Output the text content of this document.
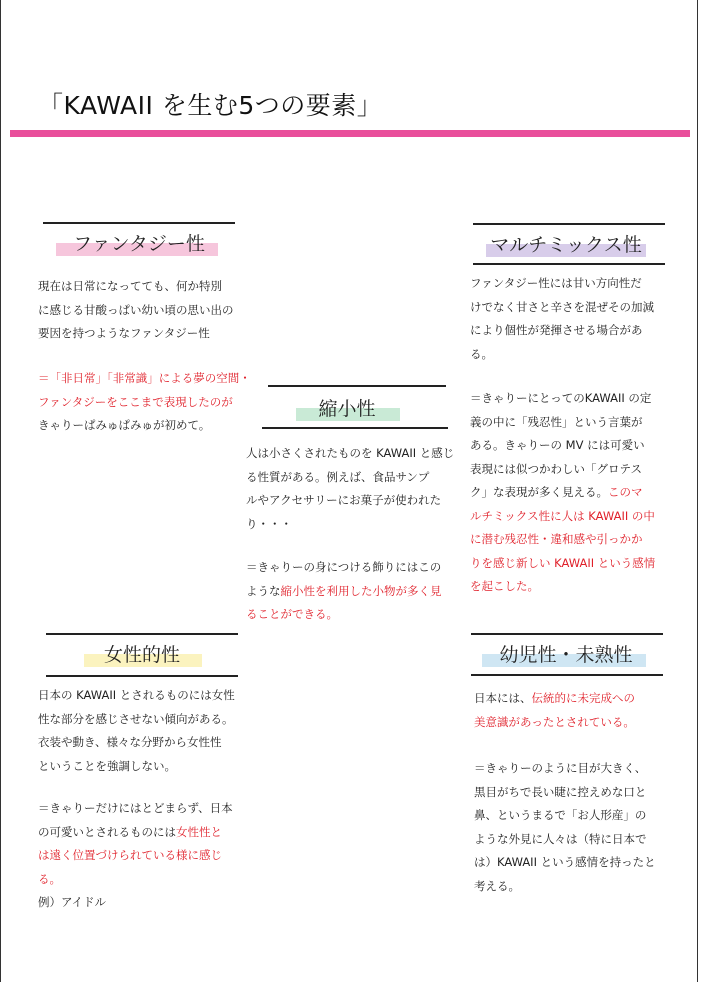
「KAWAII を生む5つの要素」
ファンタジー性

現在は日常になってても、何か特別
に感じる甘酸っぱい幼い頃の思い出の
要因を持つようなファンタジー性

＝「非日常」「非常識」による夢の空間・
ファンタジーをここまで表現したのが
きゃりーぱみゅぱみゅが初めて。

縮小性

人は小さくされたものを KAWAII と感じ
る性質がある。例えば、食品サンプ
ルやアクセサリーにお菓子が使われた
り・・・

＝きゃりーの身につける飾りにはこの
ような縮小性を利用した小物が多く見
ることができる。

マルチミックス性

ファンタジー性には甘い方向性だ
けでなく甘さと辛さを混ぜその加減
により個性が発揮させる場合があ
る。

＝きゃりーにとってのKAWAII の定
義の中に「残忍性」という言葉が
ある。きゃりーの MV には可愛い
表現には似つかわしい「グロテス
ク」な表現が多く見える。このマ
ルチミックス性に人は KAWAII の中
に潜む残忍性・違和感や引っかか
りを感じ新しい KAWAII という感情
を起こした。

女性的性

日本の KAWAII とされるものには女性
性な部分を感じさせない傾向がある。
衣装や動き、様々な分野から女性性
ということを強調しない。

＝きゃりーだけにはとどまらず、日本
の可愛いとされるものには女性性と
は遠く位置づけられている様に感じ
る。
例）アイドル

幼児性・未熟性

日本には、伝統的に未完成への
美意識があったとされている。

＝きゃりーのように目が大きく、
黒目がちで長い睫に控えめな口と
鼻、というまるで「お人形産」の
ような外見に人々は（特に日本で
は）KAWAII という感情を持ったと
考える。
